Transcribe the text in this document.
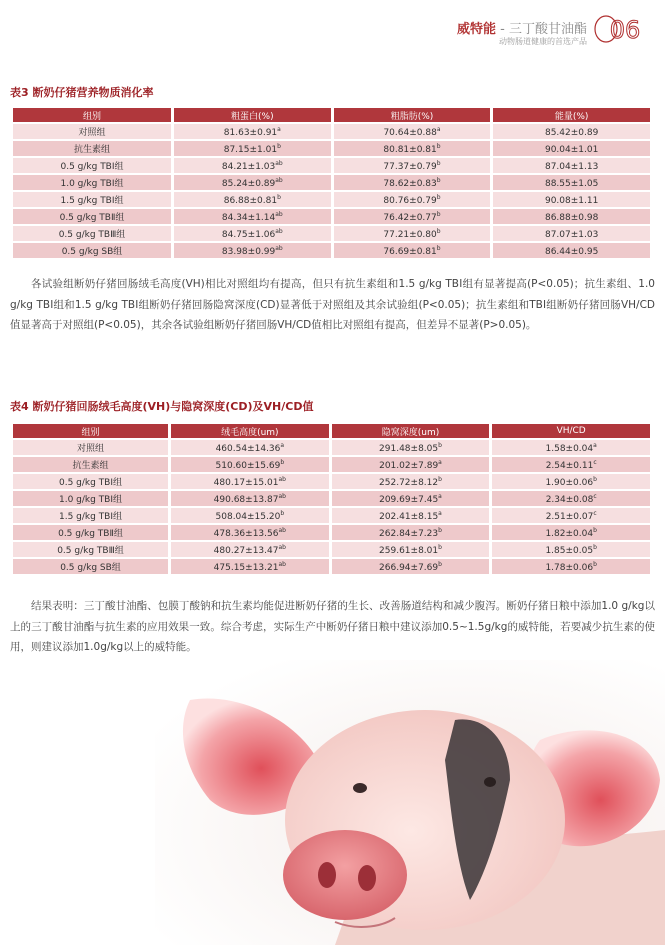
威特能 - 三丁酸甘油酯
动物肠道健康的首选产品 06
表3 断奶仔猪营养物质消化率
组别	粗蛋白(%)	粗脂肪(%)	能量(%)
对照组	81.63±0.91$^a$	70.64±0.88$^a$	85.42±0.89
抗生素组	87.15±1.01$^b$	80.81±0.81$^b$	90.04±1.01
0.5 g/kg TBⅠ组	84.21±1.03$^{ab}$	77.37±0.79$^b$	87.04±1.13
1.0 g/kg TBⅠ组	85.24±0.89$^{ab}$	78.62±0.83$^b$	88.55±1.05
1.5 g/kg TBⅠ组	86.88±0.81$^b$	80.76±0.79$^b$	90.08±1.11
0.5 g/kg TBⅡ组	84.34±1.14$^{ab}$	76.42±0.77$^b$	86.88±0.98
0.5 g/kg TBⅢ组	84.75±1.06$^{ab}$	77.21±0.80$^b$	87.07±1.03
0.5 g/kg SB组	83.98±0.99$^{ab}$	76.69±0.81$^b$	86.44±0.95
各试验组断奶仔猪回肠绒毛高度(VH)相比对照组均有提高，但只有抗生素组和1.5 g/kg TBⅠ组有显著提高(P<0.05)；抗生素组、1.0 g/kg TBⅠ组和1.5 g/kg TBⅠ组断奶仔猪回肠隐窝深度(CD)显著低于对照组及其余试验组(P<0.05)；抗生素组和TBⅠ组断奶仔猪回肠VH/CD值显著高于对照组(P<0.05)，其余各试验组断奶仔猪回肠VH/CD值相比对照组有提高，但差异不显著(P>0.05)。
表4 断奶仔猪回肠绒毛高度(VH)与隐窝深度(CD)及VH/CD值
组别	绒毛高度(um)	隐窝深度(um)	VH/CD
对照组	460.54±14.36$^a$	291.48±8.05$^b$	1.58±0.04$^a$
抗生素组	510.60±15.69$^b$	201.02±7.89$^a$	2.54±0.11$^c$
0.5 g/kg TBⅠ组	480.17±15.01$^{ab}$	252.72±8.12$^b$	1.90±0.06$^b$
1.0 g/kg TBⅠ组	490.68±13.87$^{ab}$	209.69±7.45$^a$	2.34±0.08$^c$
1.5 g/kg TBⅠ组	508.04±15.20$^b$	202.41±8.15$^a$	2.51±0.07$^c$
0.5 g/kg TBⅡ组	478.36±13.56$^{ab}$	262.84±7.23$^b$	1.82±0.04$^b$
0.5 g/kg TBⅢ组	480.27±13.47$^{ab}$	259.61±8.01$^b$	1.85±0.05$^b$
0.5 g/kg SB组	475.15±13.21$^{ab}$	266.94±7.69$^b$	1.78±0.06$^b$
结果表明：三丁酸甘油酯、包膜丁酸钠和抗生素均能促进断奶仔猪的生长、改善肠道结构和减少腹泻。断奶仔猪日粮中添加1.0 g/kg以上的三丁酸甘油酯与抗生素的应用效果一致。综合考虑，实际生产中断奶仔猪日粮中建议添加0.5~1.5g/kg的威特能，若要减少抗生素的使用，则建议添加1.0g/kg以上的威特能。
